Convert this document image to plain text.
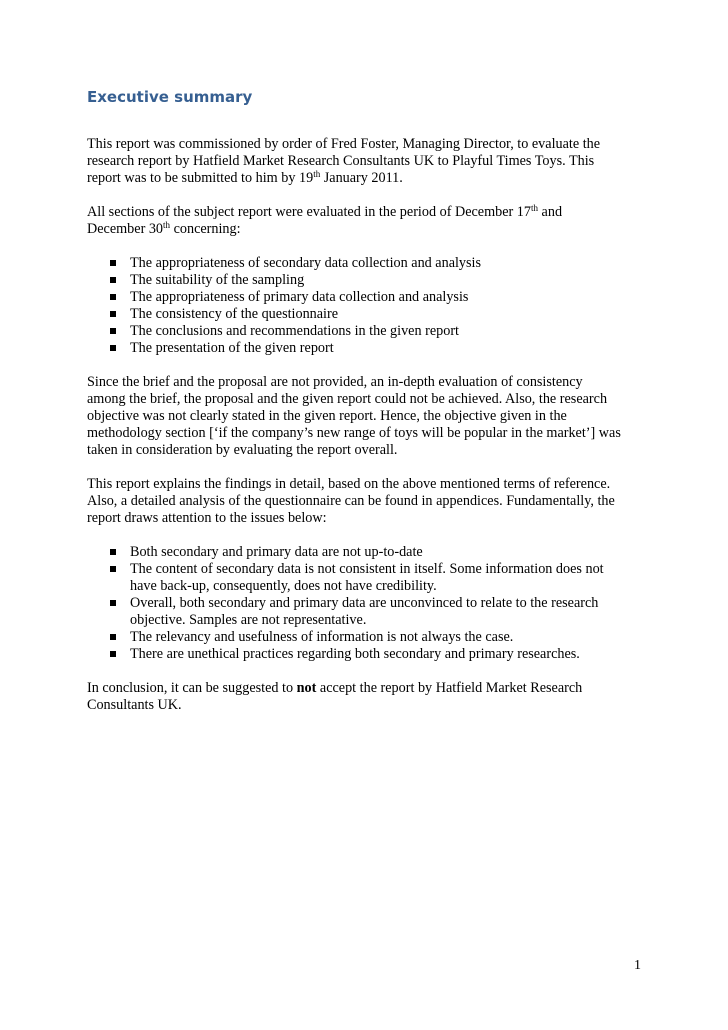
Executive summary

This report was commissioned by order of Fred Foster, Managing Director, to evaluate the
research report by Hatfield Market Research Consultants UK to Playful Times Toys. This
report was to be submitted to him by 19th January 2011.

All sections of the subject report were evaluated in the period of December 17th and
December 30th concerning:

The appropriateness of secondary data collection and analysis
The suitability of the sampling
The appropriateness of primary data collection and analysis
The consistency of the questionnaire
The conclusions and recommendations in the given report
The presentation of the given report

Since the brief and the proposal are not provided, an in-depth evaluation of consistency
among the brief, the proposal and the given report could not be achieved. Also, the research
objective was not clearly stated in the given report. Hence, the objective given in the
methodology section [‘if the company’s new range of toys will be popular in the market’] was
taken in consideration by evaluating the report overall.

This report explains the findings in detail, based on the above mentioned terms of reference.
Also, a detailed analysis of the questionnaire can be found in appendices. Fundamentally, the
report draws attention to the issues below:

Both secondary and primary data are not up-to-date
The content of secondary data is not consistent in itself. Some information does not
have back-up, consequently, does not have credibility.
Overall, both secondary and primary data are unconvinced to relate to the research
objective. Samples are not representative.
The relevancy and usefulness of information is not always the case.
There are unethical practices regarding both secondary and primary researches.

In conclusion, it can be suggested to not accept the report by Hatfield Market Research
Consultants UK.

1
